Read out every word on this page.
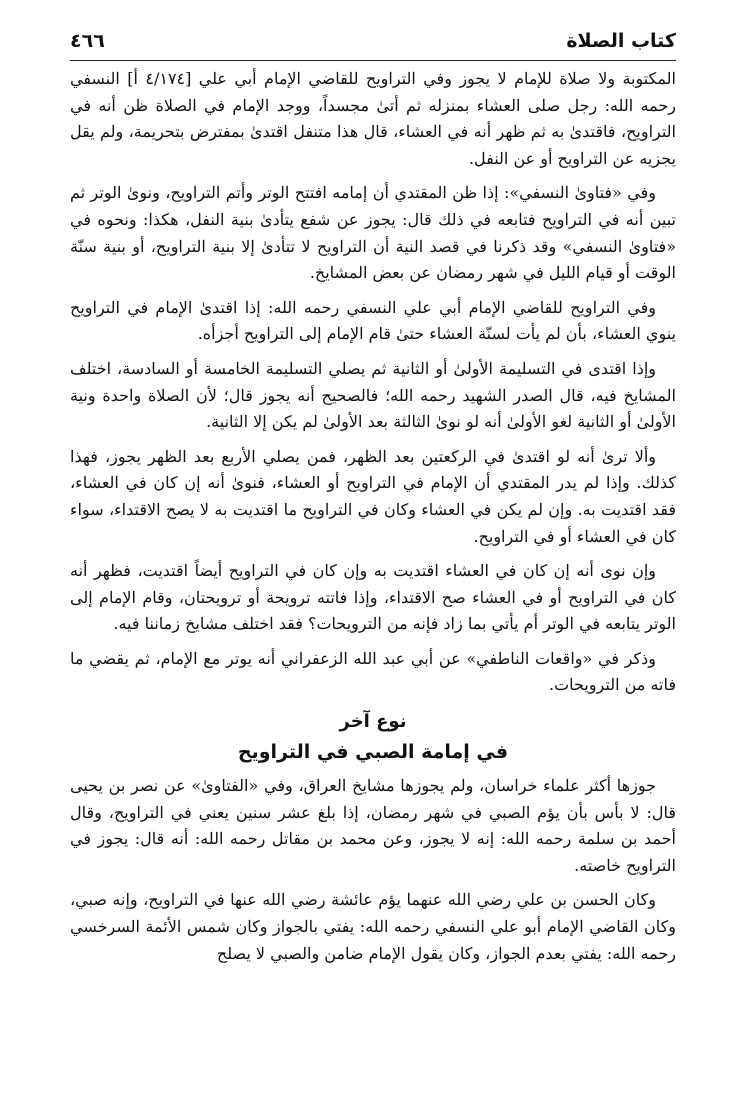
كتاب الصلاة
٤٦٦

المكتوبة ولا صلاة للإمام لا يجوز وفي التراويح للقاضي الإمام أبي علي [٤/١٧٤ أ] النسفي رحمه الله: رجل صلى العشاء بمنزله ثم أتىٰ مجسداً، ووجد الإمام في الصلاة ظن أنه في التراويح، فاقتدىٰ به ثم ظهر أنه في العشاء، قال هذا متنفل اقتدىٰ بمفترض بتحريمة، ولم يقل يجزيه عن التراويح أو عن النفل.

وفي «فتاوىٰ النسفي»: إذا ظن المقتدي أن إمامه افتتح الوتر وأتم التراويح، ونوىٰ الوتر ثم تبين أنه في التراويح فتابعه في ذلك قال: يجوز عن شفع يتأدىٰ بنية النفل، هكذا: ونحوه في «فتاوىٰ النسفي» وقد ذكرنا في قصد النية أن التراويح لا تتأدىٰ إلا بنية التراويح، أو بنية سنّة الوقت أو قيام الليل في شهر رمضان عن بعض المشايخ.

وفي التراويح للقاضي الإمام أبي علي النسفي رحمه الله: إذا اقتدىٰ الإمام في التراويح ينوي العشاء، بأن لم يأت لسنّة العشاء حتىٰ قام الإمام إلى التراويح أجزأه.

وإذا اقتدى في التسليمة الأولىٰ أو الثانية ثم يصلي التسليمة الخامسة أو السادسة، اختلف المشايخ فيه، قال الصدر الشهيد رحمه الله؛ فالصحيح أنه يجوز قال؛ لأن الصلاة واحدة ونية الأولىٰ أو الثانية لغو الأولىٰ أنه لو نوىٰ الثالثة بعد الأولىٰ لم يكن إلا الثانية.

وألا ترىٰ أنه لو اقتدىٰ في الركعتين بعد الظهر، فمن يصلي الأربع بعد الظهر يجوز، فهذا كذلك. وإذا لم يدر المقتدي أن الإمام في التراويح أو العشاء، فنوىٰ أنه إن كان في العشاء، فقد اقتديت به. وإن لم يكن في العشاء وكان في التراويح ما اقتديت به لا يصح الاقتداء، سواء كان في العشاء أو في التراويح.

وإن نوى أنه إن كان في العشاء اقتديت به وإن كان في التراويح أيضاً اقتديت، فظهر أنه كان في التراويح أو في العشاء صح الاقتداء، وإذا فاتته ترويحة أو ترويحتان، وقام الإمام إلى الوتر يتابعه في الوتر أم يأتي بما زاد فإنه من الترويحات؟ فقد اختلف مشايخ زماننا فيه.

وذكر في «واقعات الناطفي» عن أبي عبد الله الزعفراني أنه يوتر مع الإمام، ثم يقضي ما فاته من الترويحات.

نوع آخر
في إمامة الصبي في التراويح

جوزها أكثر علماء خراسان، ولم يجوزها مشايخ العراق، وفي «الفتاوىٰ» عن نصر بن يحيى قال: لا بأس بأن يؤم الصبي في شهر رمضان، إذا بلغ عشر سنين يعني في التراويح، وقال أحمد بن سلمة رحمه الله: إنه لا يجوز، وعن محمد بن مقاتل رحمه الله: أنه قال: يجوز في التراويح خاصته.

وكان الحسن بن علي رضي الله عنهما يؤم عائشة رضي الله عنها في التراويح، وإنه صبي، وكان القاضي الإمام أبو علي النسفي رحمه الله: يفتي بالجواز وكان شمس الأئمة السرخسي رحمه الله: يفتي بعدم الجواز، وكان يقول الإمام ضامن والصبي لا يصلح
